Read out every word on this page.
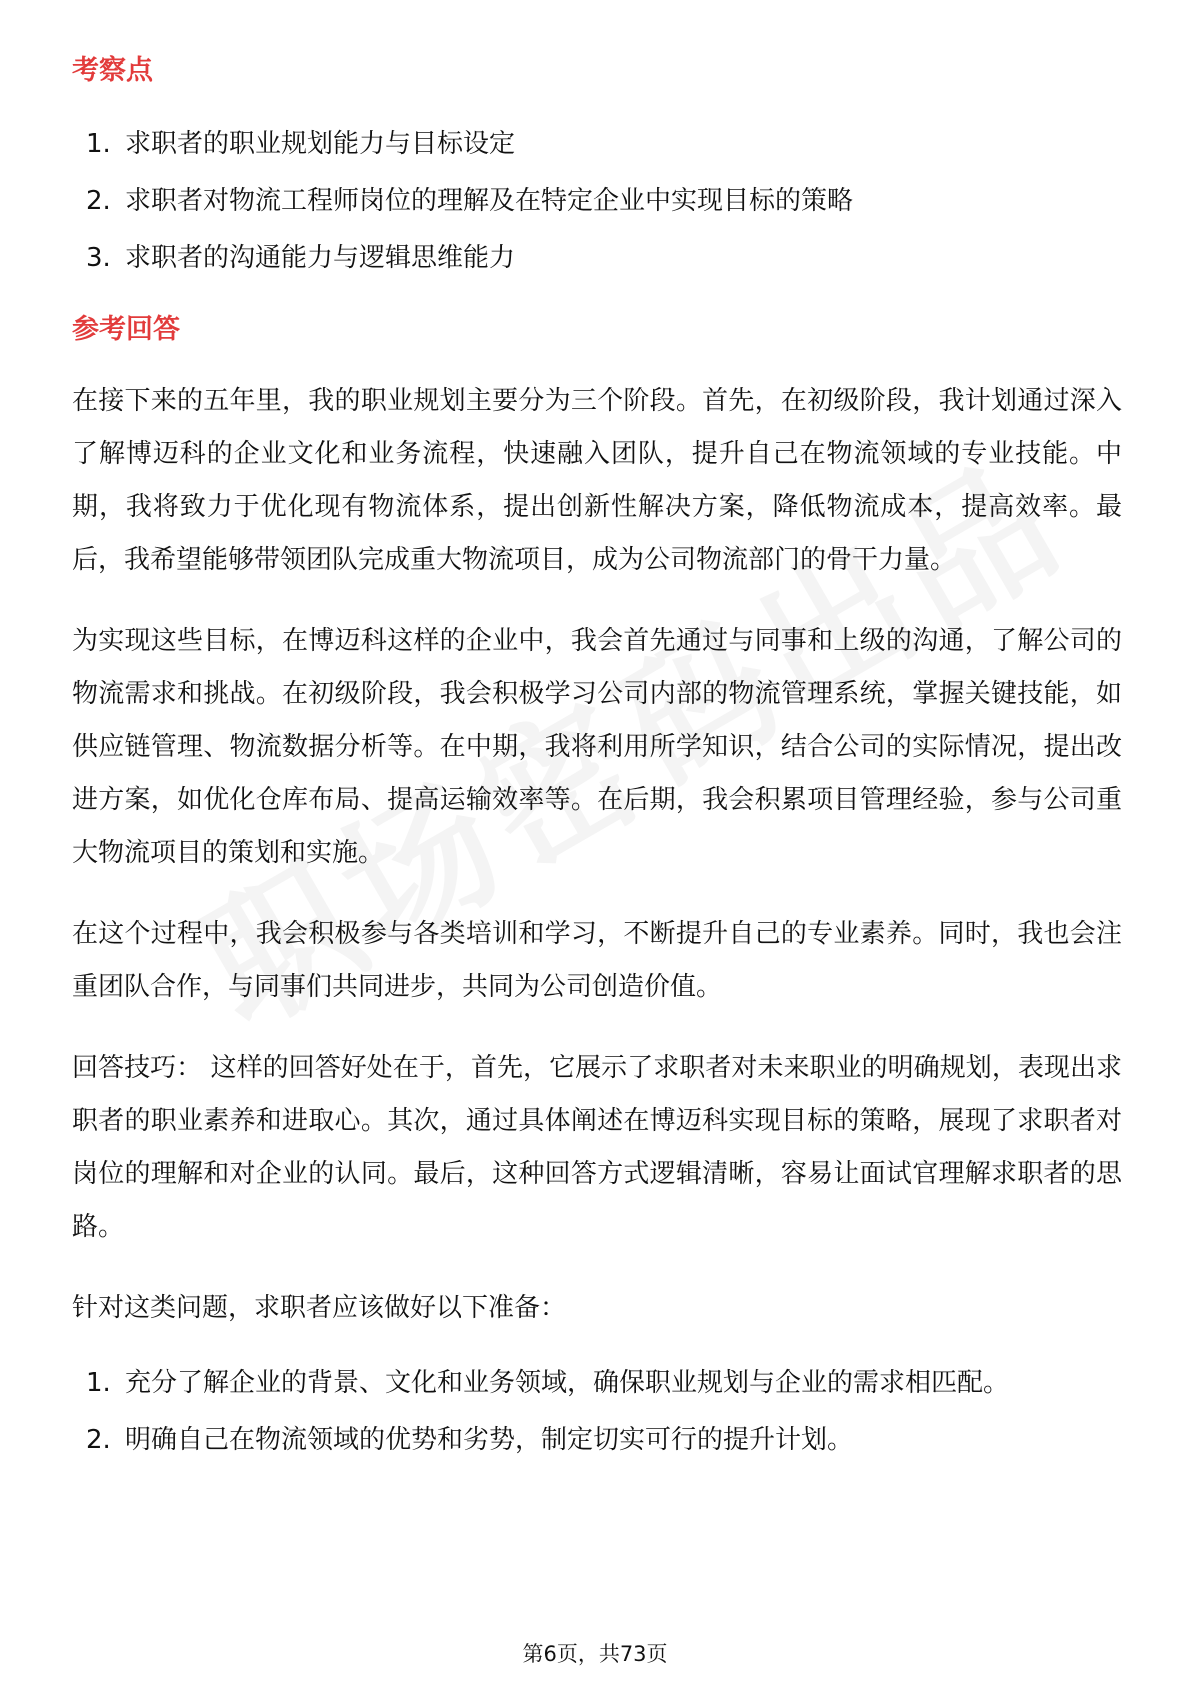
考察点
1. 求职者的职业规划能力与目标设定
2. 求职者对物流工程师岗位的理解及在特定企业中实现目标的策略
3. 求职者的沟通能力与逻辑思维能力
参考回答

在接下来的五年里，我的职业规划主要分为三个阶段。首先，在初级阶段，我计划通过深入了解博迈科的企业文化和业务流程，快速融入团队，提升自己在物流领域的专业技能。中期，我将致力于优化现有物流体系，提出创新性解决方案，降低物流成本，提高效率。最后，我希望能够带领团队完成重大物流项目，成为公司物流部门的骨干力量。

为实现这些目标，在博迈科这样的企业中，我会首先通过与同事和上级的沟通，了解公司的物流需求和挑战。在初级阶段，我会积极学习公司内部的物流管理系统，掌握关键技能，如供应链管理、物流数据分析等。在中期，我将利用所学知识，结合公司的实际情况，提出改进方案，如优化仓库布局、提高运输效率等。在后期，我会积累项目管理经验，参与公司重大物流项目的策划和实施。

在这个过程中，我会积极参与各类培训和学习，不断提升自己的专业素养。同时，我也会注重团队合作，与同事们共同进步，共同为公司创造价值。

回答技巧： 这样的回答好处在于，首先，它展示了求职者对未来职业的明确规划，表现出求职者的职业素养和进取心。其次，通过具体阐述在博迈科实现目标的策略，展现了求职者对岗位的理解和对企业的认同。最后，这种回答方式逻辑清晰，容易让面试官理解求职者的思路。

针对这类问题，求职者应该做好以下准备：

1. 充分了解企业的背景、文化和业务领域，确保职业规划与企业的需求相匹配。
2. 明确自己在物流领域的优势和劣势，制定切实可行的提升计划。
第6页，共73页
